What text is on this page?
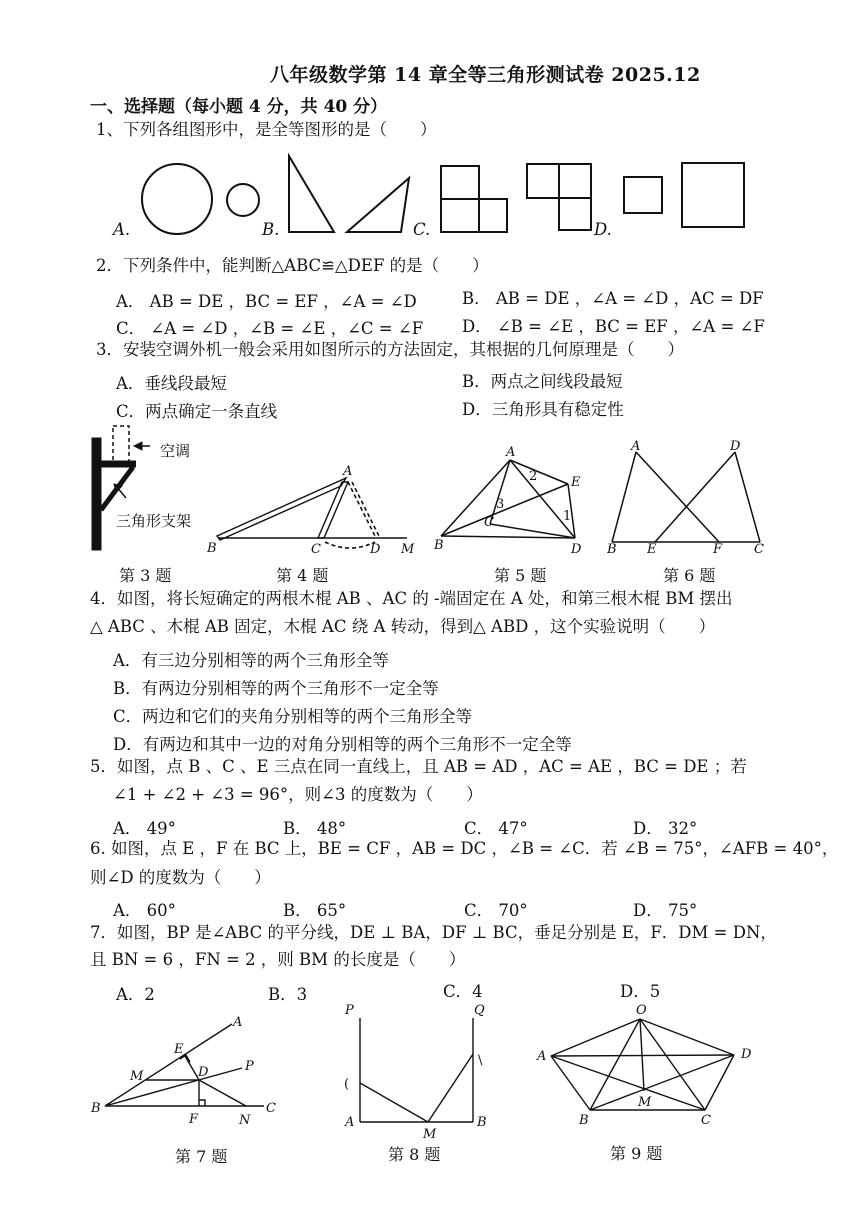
八年级数学第 14 章全等三角形测试卷 2025.12
一、选择题（每小题 4 分，共 40 分）
1、下列各组图形中，是全等图形的是（　　）
A.	B.	C.	D.
2．下列条件中，能判断△ABC≌△DEF 的是（　　）
A． AB = DE ，BC = EF ，∠A = ∠D	B． AB = DE ，∠A = ∠D ，AC = DF
C． ∠A = ∠D ，∠B = ∠E ，∠C = ∠F D． ∠B = ∠E ，BC = EF ，∠A = ∠F
3．安装空调外机一般会采用如图所示的方法固定，其根据的几何原理是（　　）
A．垂线段最短	B．两点之间线段最短
C．两点确定一条直线	D．三角形具有稳定性
A
B	C	D M
A
B
C
D
E
2
3
1
A	D
B E	F C
空调
三角形支架
第 3 题	第 4 题	第 5 题	第 6 题
4．如图，将长短确定的两根木棍 AB 、AC 的 -端固定在 A 处，和第三根木棍 BM 摆出
△ ABC 、木棍 AB 固定，木棍 AC 绕 A 转动，得到△ ABD ，这个实验说明（　　）
A．有三边分别相等的两个三角形全等
B．有两边分别相等的两个三角形不一定全等
C．两边和它们的夹角分别相等的两个三角形全等
D．有两边和其中一边的对角分别相等的两个三角形不一定全等
5．如图，点 B 、C 、E 三点在同一直线上，且 AB = AD ，AC = AE ，BC = DE ；若
∠1 + ∠2 + ∠3 = 96°，则∠3 的度数为（　　）
A． 49°	B． 48°	C． 47°	D． 32°
6. 如图，点 E ，F 在 BC 上，BE = CF ，AB = DC ，∠B = ∠C．若 ∠B = 75°，∠AFB = 40°，
则∠D 的度数为（　　）
A． 60°	B． 65°	C． 70°	D． 75°
7．如图，BP 是∠ABC 的平分线，DE ⊥ BA，DF ⊥ BC，垂足分别是 E，F．DM = DN，
且 BN = 6 ，FN = 2 ，则 BM 的长度是（　　）
A．2	B．3	C．4	D．5
A
E
M	D	P
B
F	N
C
P	Q
(
\
A	B
M
O
A	D
B
M
C
第 7 题	第 8 题	第 9 题
